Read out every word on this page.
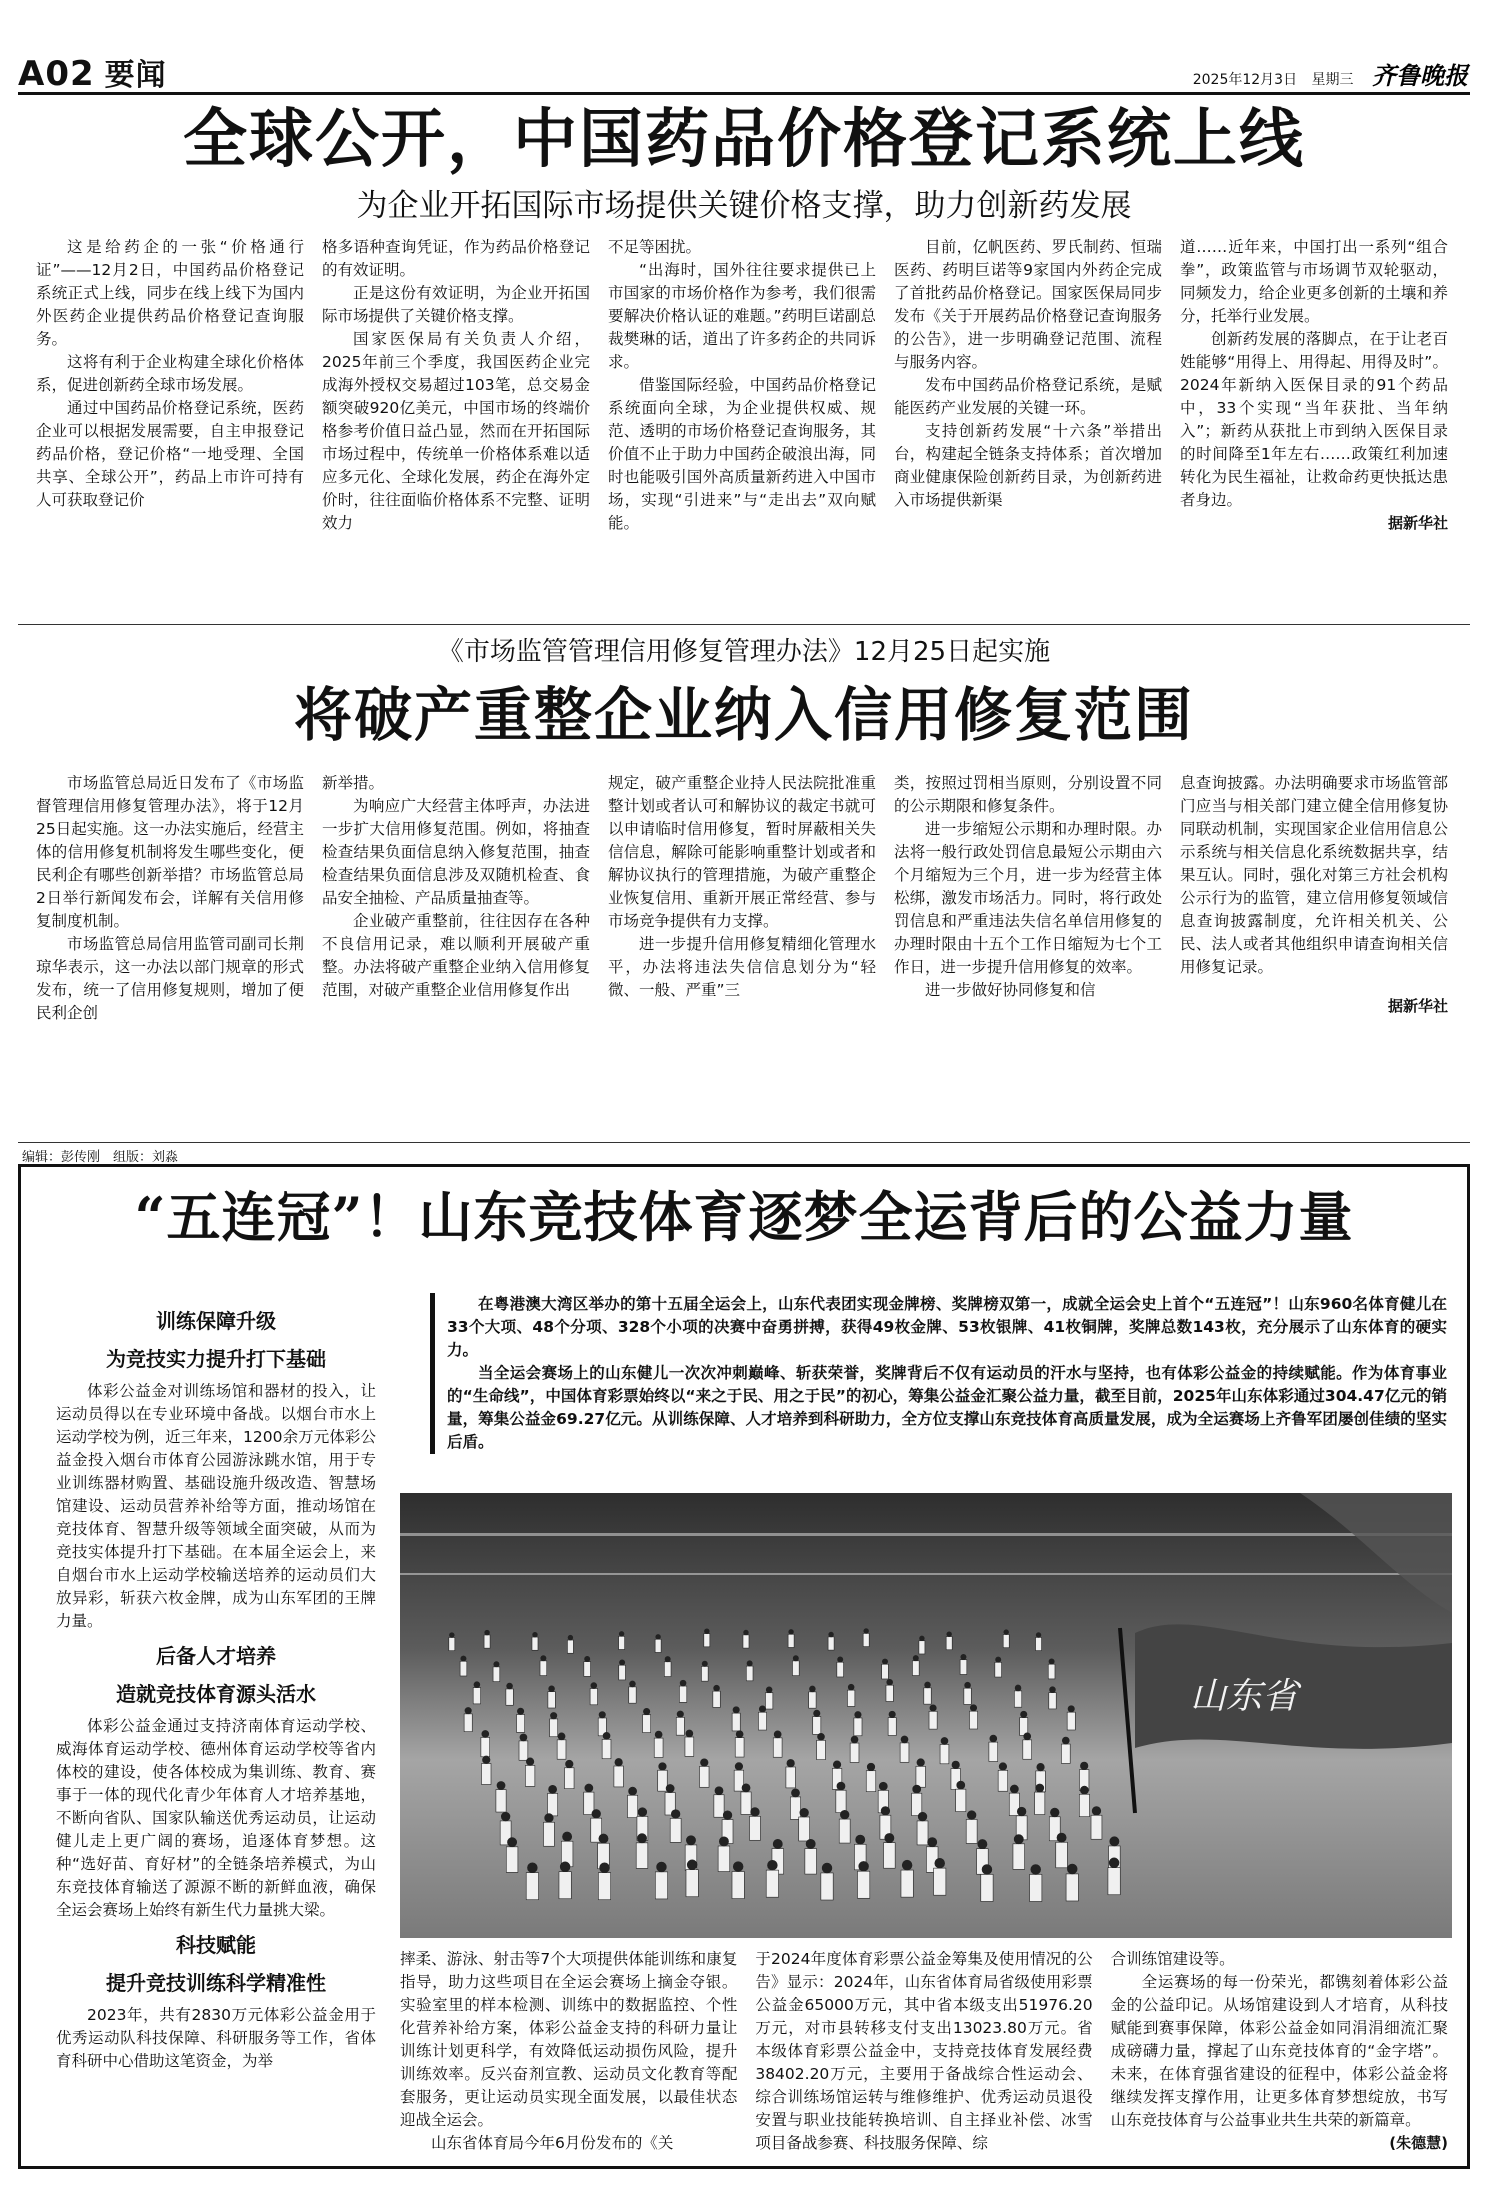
A02 要闻	2025年12月3日 星期三 齐鲁晚报
全球公开，中国药品价格登记系统上线
为企业开拓国际市场提供关键价格支撑，助力创新药发展

这是给药企的一张“价格通行证”——12月2日，中国药品价格登记系统正式上线，同步在线上线下为国内外医药企业提供药品价格登记查询服务。

这将有利于企业构建全球化价格体系，促进创新药全球市场发展。

通过中国药品价格登记系统，医药企业可以根据发展需要，自主申报登记药品价格，登记价格“一地受理、全国共享、全球公开”，药品上市许可持有人可获取登记价

格多语种查询凭证，作为药品价格登记的有效证明。

正是这份有效证明，为企业开拓国际市场提供了关键价格支撑。

国家医保局有关负责人介绍，2025年前三个季度，我国医药企业完成海外授权交易超过103笔，总交易金额突破920亿美元，中国市场的终端价格参考价值日益凸显，然而在开拓国际市场过程中，传统单一价格体系难以适应多元化、全球化发展，药企在海外定价时，往往面临价格体系不完整、证明效力

不足等困扰。

“出海时，国外往往要求提供已上市国家的市场价格作为参考，我们很需要解决价格认证的难题。”药明巨诺副总裁樊琳的话，道出了许多药企的共同诉求。

借鉴国际经验，中国药品价格登记系统面向全球，为企业提供权威、规范、透明的市场价格登记查询服务，其价值不止于助力中国药企破浪出海，同时也能吸引国外高质量新药进入中国市场，实现“引进来”与“走出去”双向赋能。

目前，亿帆医药、罗氏制药、恒瑞医药、药明巨诺等9家国内外药企完成了首批药品价格登记。国家医保局同步发布《关于开展药品价格登记查询服务的公告》，进一步明确登记范围、流程与服务内容。

发布中国药品价格登记系统，是赋能医药产业发展的关键一环。

支持创新药发展“十六条”举措出台，构建起全链条支持体系；首次增加商业健康保险创新药目录，为创新药进入市场提供新渠

道……近年来，中国打出一系列“组合拳”，政策监管与市场调节双轮驱动，同频发力，给企业更多创新的土壤和养分，托举行业发展。

创新药发展的落脚点，在于让老百姓能够“用得上、用得起、用得及时”。2024年新纳入医保目录的91个药品中，33个实现“当年获批、当年纳入”；新药从获批上市到纳入医保目录的时间降至1年左右……政策红利加速转化为民生福祉，让救命药更快抵达患者身边。

据新华社
《市场监管管理信用修复管理办法》12月25日起实施
将破产重整企业纳入信用修复范围

市场监管总局近日发布了《市场监督管理信用修复管理办法》，将于12月25日起实施。这一办法实施后，经营主体的信用修复机制将发生哪些变化，便民利企有哪些创新举措？市场监管总局2日举行新闻发布会，详解有关信用修复制度机制。

市场监管总局信用监管司副司长荆琼华表示，这一办法以部门规章的形式发布，统一了信用修复规则，增加了便民利企创

新举措。

为响应广大经营主体呼声，办法进一步扩大信用修复范围。例如，将抽查检查结果负面信息纳入修复范围，抽查检查结果负面信息涉及双随机检查、食品安全抽检、产品质量抽查等。

企业破产重整前，往往因存在各种不良信用记录，难以顺利开展破产重整。办法将破产重整企业纳入信用修复范围，对破产重整企业信用修复作出

规定，破产重整企业持人民法院批准重整计划或者认可和解协议的裁定书就可以申请临时信用修复，暂时屏蔽相关失信信息，解除可能影响重整计划或者和解协议执行的管理措施，为破产重整企业恢复信用、重新开展正常经营、参与市场竞争提供有力支撑。

进一步提升信用修复精细化管理水平，办法将违法失信信息划分为“轻微、一般、严重”三

类，按照过罚相当原则，分别设置不同的公示期限和修复条件。

进一步缩短公示期和办理时限。办法将一般行政处罚信息最短公示期由六个月缩短为三个月，进一步为经营主体松绑，激发市场活力。同时，将行政处罚信息和严重违法失信名单信用修复的办理时限由十五个工作日缩短为七个工作日，进一步提升信用修复的效率。

进一步做好协同修复和信

息查询披露。办法明确要求市场监管部门应当与相关部门建立健全信用修复协同联动机制，实现国家企业信用信息公示系统与相关信息化系统数据共享，结果互认。同时，强化对第三方社会机构公示行为的监管，建立信用修复领域信息查询披露制度，允许相关机关、公民、法人或者其他组织申请查询相关信用修复记录。

据新华社
编辑：彭传刚　组版：刘淼
“五连冠”！山东竞技体育逐梦全运背后的公益力量
训练保障升级
为竞技实力提升打下基础

体彩公益金对训练场馆和器材的投入，让运动员得以在专业环境中备战。以烟台市水上运动学校为例，近三年来，1200余万元体彩公益金投入烟台市体育公园游泳跳水馆，用于专业训练器材购置、基础设施升级改造、智慧场馆建设、运动员营养补给等方面，推动场馆在竞技体育、智慧升级等领域全面突破，从而为竞技实体提升打下基础。在本届全运会上，来自烟台市水上运动学校输送培养的运动员们大放异彩，斩获六枚金牌，成为山东军团的王牌力量。

后备人才培养
造就竞技体育源头活水

体彩公益金通过支持济南体育运动学校、威海体育运动学校、德州体育运动学校等省内体校的建设，使各体校成为集训练、教育、赛事于一体的现代化青少年体育人才培养基地，不断向省队、国家队输送优秀运动员，让运动健儿走上更广阔的赛场，追逐体育梦想。这种“选好苗、育好材”的全链条培养模式，为山东竞技体育输送了源源不断的新鲜血液，确保全运会赛场上始终有新生代力量挑大梁。

科技赋能
提升竞技训练科学精准性

2023年，共有2830万元体彩公益金用于优秀运动队科技保障、科研服务等工作，省体育科研中心借助这笔资金，为举

在粤港澳大湾区举办的第十五届全运会上，山东代表团实现金牌榜、奖牌榜双第一，成就全运会史上首个“五连冠”！山东960名体育健儿在33个大项、48个分项、328个小项的决赛中奋勇拼搏，获得49枚金牌、53枚银牌、41枚铜牌，奖牌总数143枚，充分展示了山东体育的硬实力。

当全运会赛场上的山东健儿一次次冲刺巅峰、斩获荣誉，奖牌背后不仅有运动员的汗水与坚持，也有体彩公益金的持续赋能。作为体育事业的“生命线”，中国体育彩票始终以“来之于民、用之于民”的初心，筹集公益金汇聚公益力量，截至目前，2025年山东体彩通过304.47亿元的销量，筹集公益金69.27亿元。从训练保障、人才培养到科研助力，全方位支撑山东竞技体育高质量发展，成为全运赛场上齐鲁军团屡创佳绩的坚实后盾。

山东省

摔柔、游泳、射击等7个大项提供体能训练和康复指导，助力这些项目在全运会赛场上摘金夺银。实验室里的样本检测、训练中的数据监控、个性化营养补给方案，体彩公益金支持的科研力量让训练计划更科学，有效降低运动损伤风险，提升训练效率。反兴奋剂宣教、运动员文化教育等配套服务，更让运动员实现全面发展，以最佳状态迎战全运会。

山东省体育局今年6月份发布的《关

于2024年度体育彩票公益金筹集及使用情况的公告》显示：2024年，山东省体育局省级使用彩票公益金65000万元，其中省本级支出51976.20万元，对市县转移支付支出13023.80万元。省本级体育彩票公益金中，支持竞技体育发展经费38402.20万元，主要用于备战综合性运动会、综合训练场馆运转与维修维护、优秀运动员退役安置与职业技能转换培训、自主择业补偿、冰雪项目备战参赛、科技服务保障、综

合训练馆建设等。

全运赛场的每一份荣光，都镌刻着体彩公益金的公益印记。从场馆建设到人才培育，从科技赋能到赛事保障，体彩公益金如同涓涓细流汇聚成磅礴力量，撑起了山东竞技体育的“金字塔”。未来，在体育强省建设的征程中，体彩公益金将继续发挥支撑作用，让更多体育梦想绽放，书写山东竞技体育与公益事业共生共荣的新篇章。

(朱德慧)
